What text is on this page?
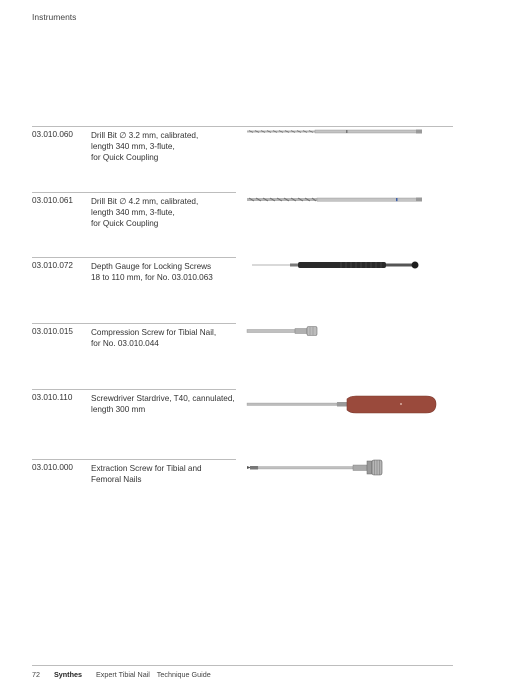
Instruments
03.010.060 Drill Bit ∅ 3.2 mm, calibrated,
length 340 mm, 3-flute,
for Quick Coupling
03.010.061 Drill Bit ∅ 4.2 mm, calibrated,
length 340 mm, 3-flute,
for Quick Coupling
03.010.072 Depth Gauge for Locking Screws
18 to 110 mm, for No. 03.010.063
03.010.015 Compression Screw for Tibial Nail,
for No. 03.010.044
03.010.110 Screwdriver Stardrive, T40, cannulated,
length 300 mm
03.010.000 Extraction Screw for Tibial and
Femoral Nails
72 Synthes Expert Tibial Nail Technique Guide
